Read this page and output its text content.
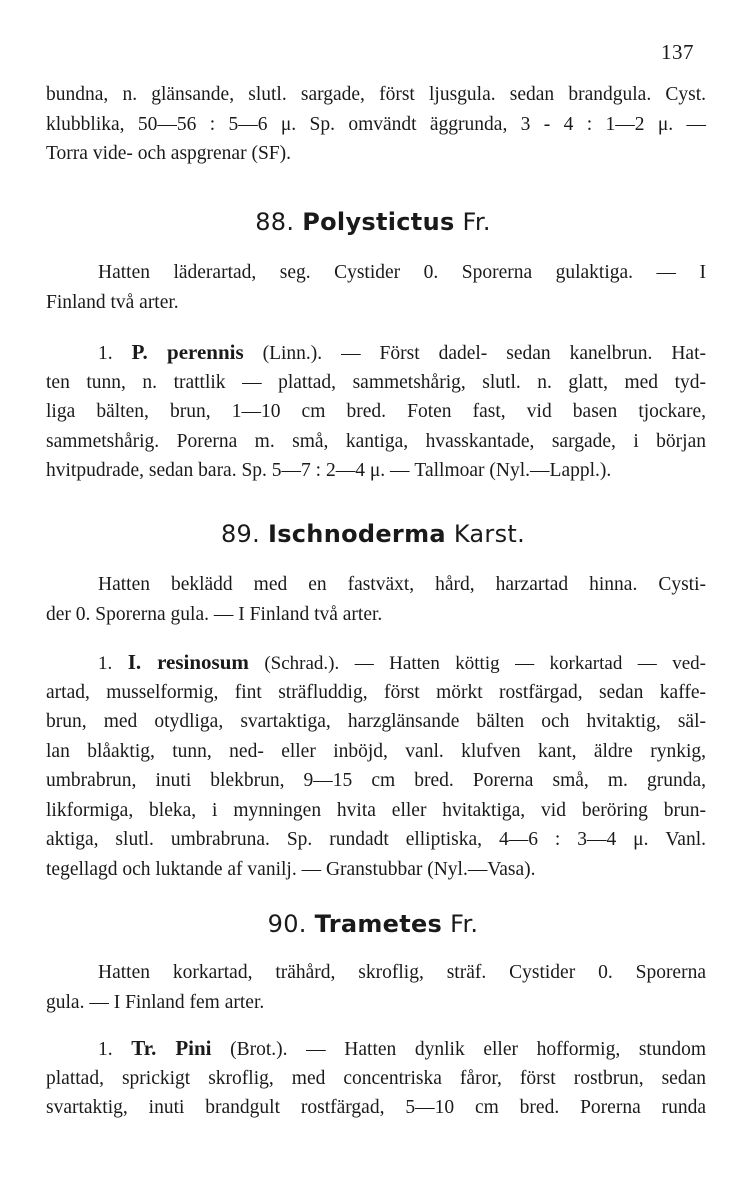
137
bundna, n. glänsande, slutl. sargade, först ljusgula. sedan brandgula. Cyst.
klubblika, 50—56 : 5—6 μ. Sp. omvändt äggrunda, 3 - 4 : 1—2 μ. —
Torra vide- och aspgrenar (SF).
88. Polystictus Fr.
Hatten läderartad, seg. Cystider 0. Sporerna gulaktiga. — I
Finland två arter.
1. P. perennis (Linn.). — Först dadel- sedan kanelbrun. Hat-
ten tunn, n. trattlik — plattad, sammetshårig, slutl. n. glatt, med tyd-
liga bälten, brun, 1—10 cm bred. Foten fast, vid basen tjockare,
sammetshårig. Porerna m. små, kantiga, hvasskantade, sargade, i början
hvitpudrade, sedan bara. Sp. 5—7 : 2—4 μ. — Tallmoar (Nyl.—Lappl.).
89. Ischnoderma Karst.
Hatten beklädd med en fastväxt, hård, harzartad hinna. Cysti-
der 0. Sporerna gula. — I Finland två arter.
1. I. resinosum (Schrad.). — Hatten köttig — korkartad — ved-
artad, musselformig, fint sträfluddig, först mörkt rostfärgad, sedan kaffe-
brun, med otydliga, svartaktiga, harzglänsande bälten och hvitaktig, säl-
lan blåaktig, tunn, ned- eller inböjd, vanl. klufven kant, äldre rynkig,
umbrabrun, inuti blekbrun, 9—15 cm bred. Porerna små, m. grunda,
likformiga, bleka, i mynningen hvita eller hvitaktiga, vid beröring brun-
aktiga, slutl. umbrabruna. Sp. rundadt elliptiska, 4—6 : 3—4 μ. Vanl.
tegellagd och luktande af vanilj. — Granstubbar (Nyl.—Vasa).
90. Trametes Fr.
Hatten korkartad, trähård, skroflig, sträf. Cystider 0. Sporerna
gula. — I Finland fem arter.
1. Tr. Pini (Brot.). — Hatten dynlik eller hofformig, stundom
plattad, sprickigt skroflig, med concentriska fåror, först rostbrun, sedan
svartaktig, inuti brandgult rostfärgad, 5—10 cm bred. Porerna runda
